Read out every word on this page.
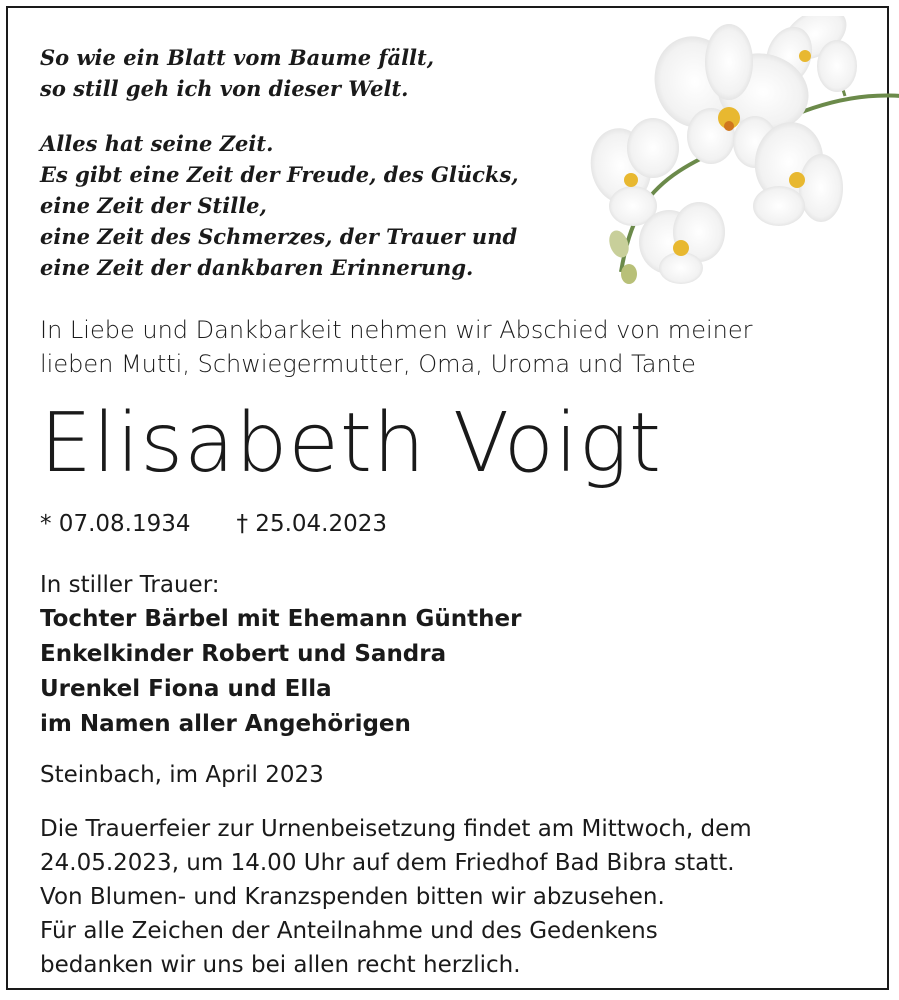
So wie ein Blatt vom Baume fällt,
so still geh ich von dieser Welt.

Alles hat seine Zeit.
Es gibt eine Zeit der Freude, des Glücks,
eine Zeit der Stille,
eine Zeit des Schmerzes, der Trauer und
eine Zeit der dankbaren Erinnerung.

In Liebe und Dankbarkeit nehmen wir Abschied von meiner
lieben Mutti, Schwiegermutter, Oma, Uroma und Tante

Elisabeth Voigt
* 07.08.1934 † 25.04.2023

In stiller Trauer:

Tochter Bärbel mit Ehemann Günther
Enkelkinder Robert und Sandra
Urenkel Fiona und Ella
im Namen aller Angehörigen

Steinbach, im April 2023

Die Trauerfeier zur Urnenbeisetzung findet am Mittwoch, dem
24.05.2023, um 14.00 Uhr auf dem Friedhof Bad Bibra statt.
Von Blumen- und Kranzspenden bitten wir abzusehen.
Für alle Zeichen der Anteilnahme und des Gedenkens
bedanken wir uns bei allen recht herzlich.
